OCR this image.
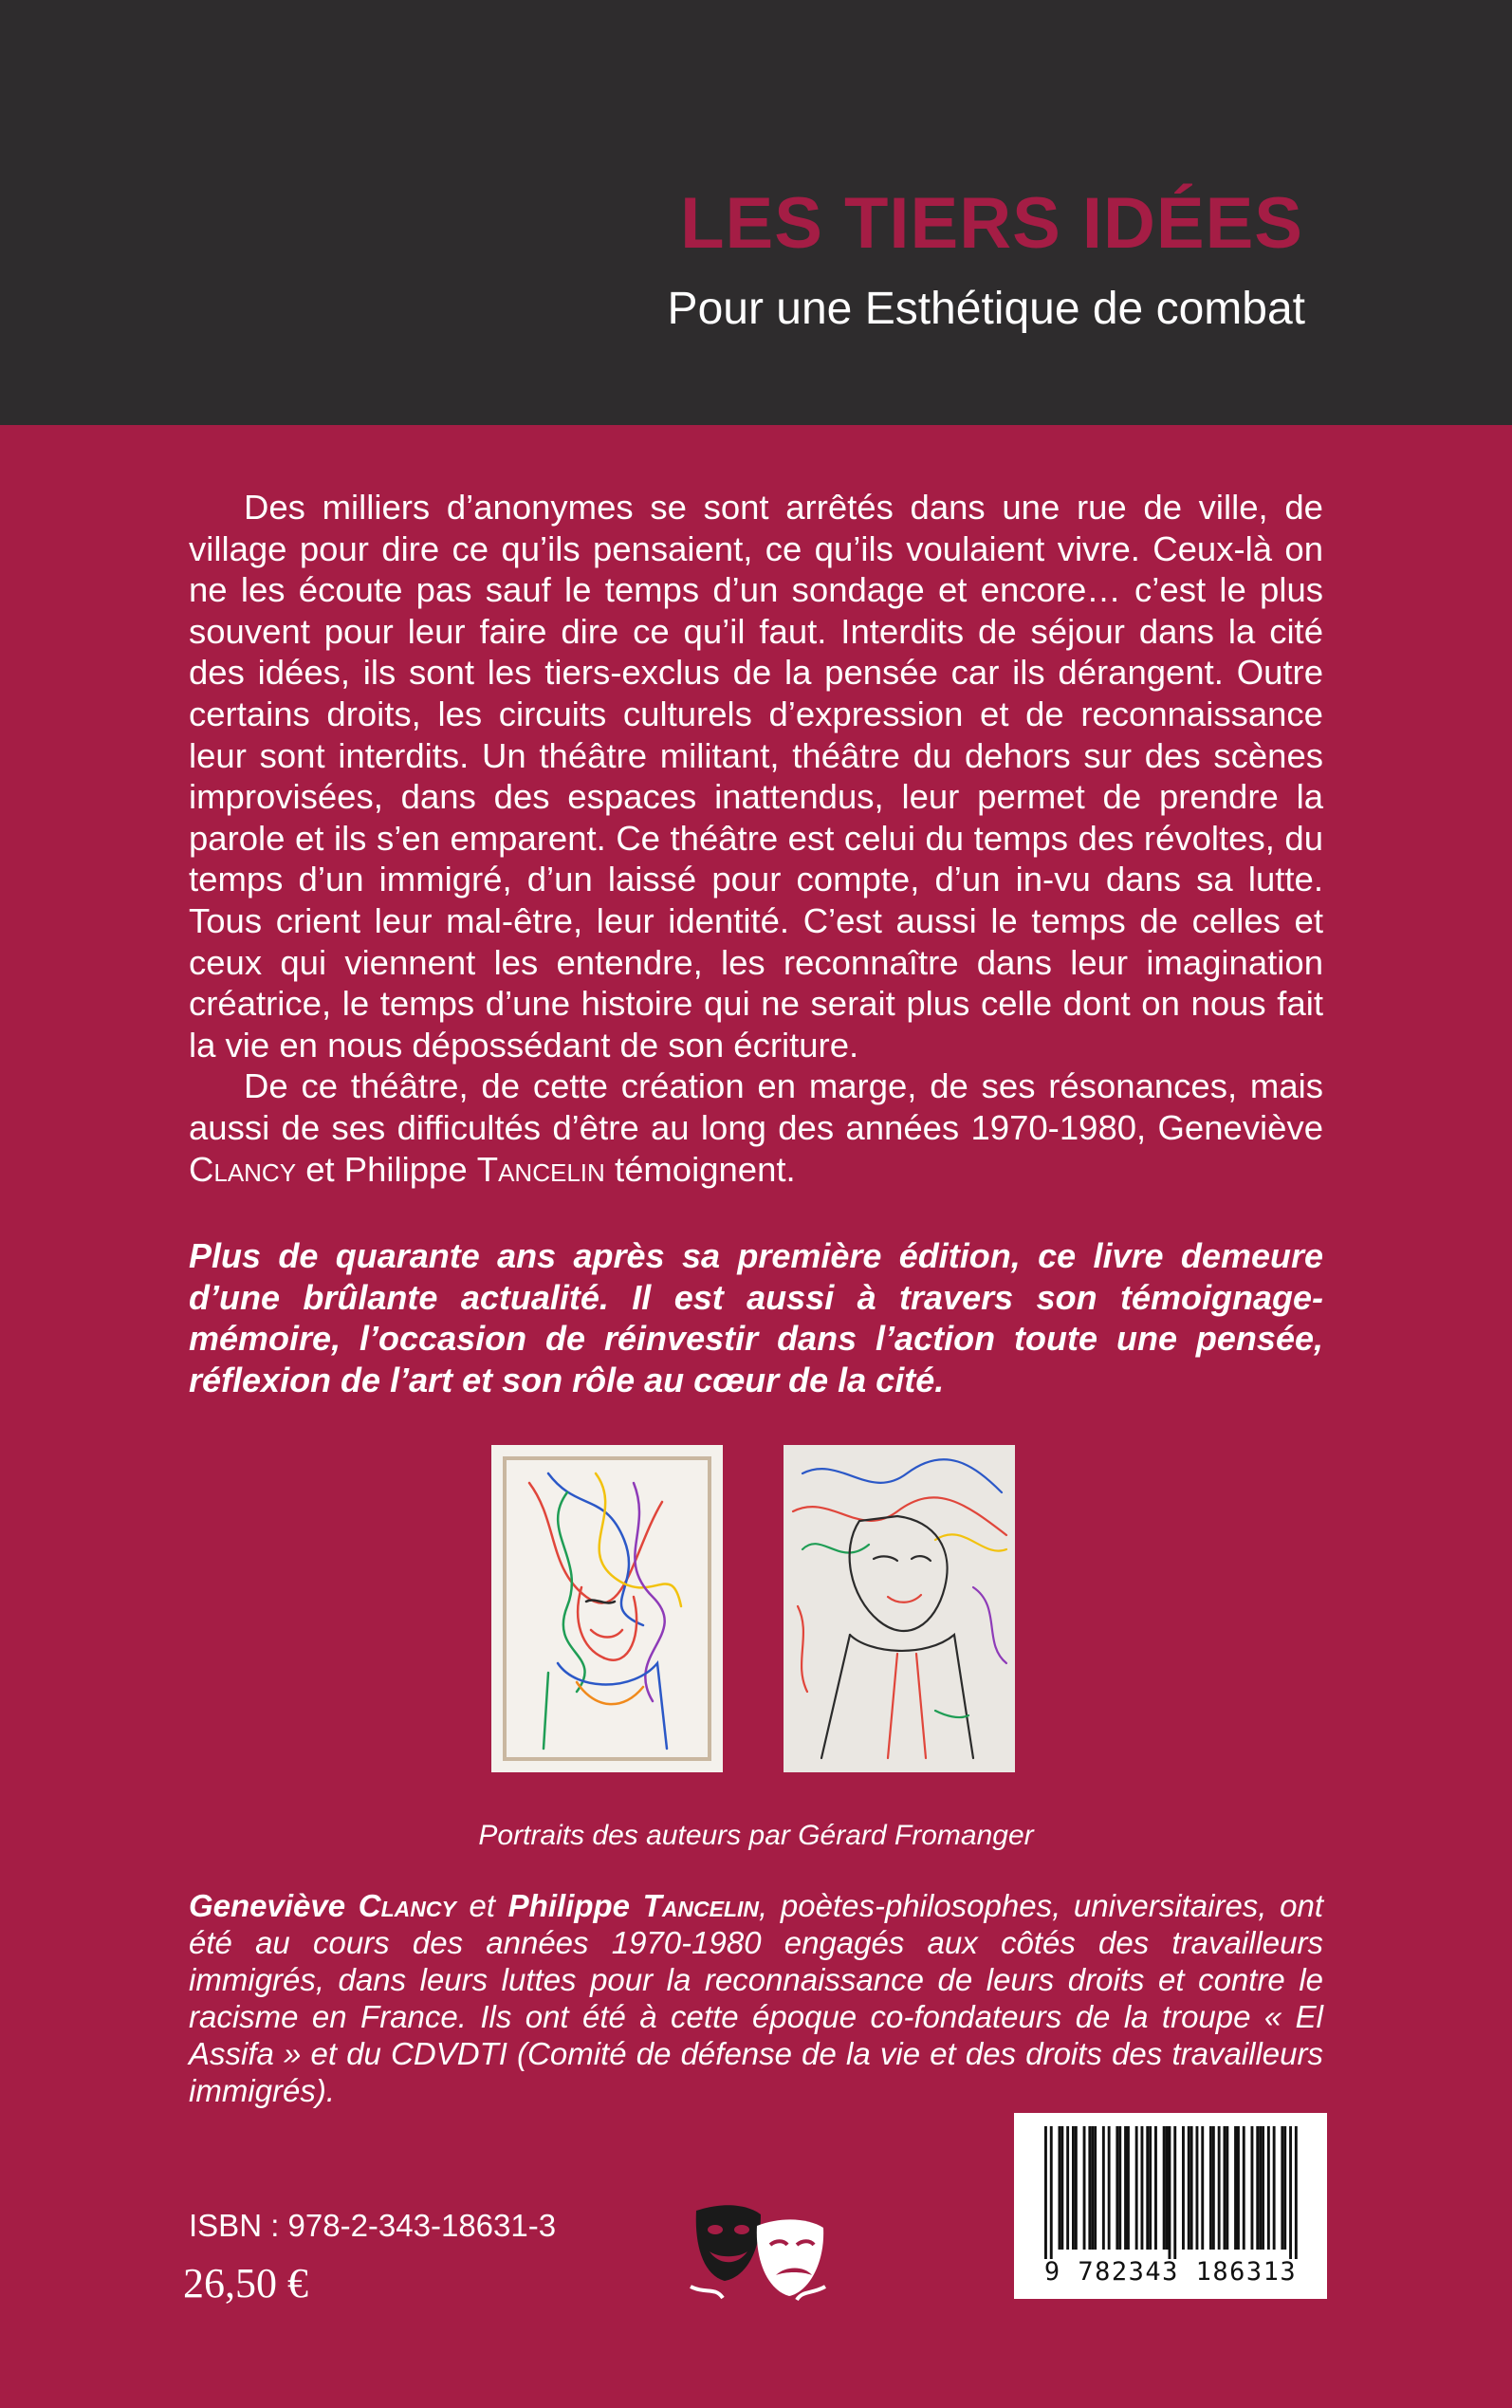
LES TIERS IDÉES
Pour une Esthétique de combat

Des milliers d’anonymes se sont arrêtés dans une rue de ville, de village pour dire ce qu’ils pensaient, ce qu’ils voulaient vivre. Ceux-là on ne les écoute pas sauf le temps d’un sondage et encore… c’est le plus souvent pour leur faire dire ce qu’il faut. Interdits de séjour dans la cité des idées, ils sont les tiers-exclus de la pensée car ils dérangent. Outre certains droits, les circuits culturels d’expression et de reconnaissance leur sont interdits. Un théâtre militant, théâtre du dehors sur des scènes improvisées, dans des espaces inattendus, leur permet de prendre la parole et ils s’en emparent. Ce théâtre est celui du temps des révoltes, du temps d’un immigré, d’un laissé pour compte, d’un in-vu dans sa lutte. Tous crient leur mal-être, leur identité. C’est aussi le temps de celles et ceux qui viennent les entendre, les reconnaître dans leur imagination créatrice, le temps d’une histoire qui ne serait plus celle dont on nous fait la vie en nous dépossédant de son écriture.

De ce théâtre, de cette création en marge, de ses résonances, mais aussi de ses difficultés d’être au long des années 1970-1980, Geneviève Clancy et Philippe Tancelin témoignent.

Plus de quarante ans après sa première édition, ce livre demeure d’une brûlante actualité. Il est aussi à travers son témoignage-mémoire, l’occasion de réinvestir dans l’action toute une pensée, réflexion de l’art et son rôle au cœur de la cité.

Portraits des auteurs par Gérard Fromanger

Geneviève Clancy et Philippe Tancelin, poètes-philosophes, universitaires, ont été au cours des années 1970-1980 engagés aux côtés des travailleurs immigrés, dans leurs luttes pour la reconnaissance de leurs droits et contre le racisme en France. Ils ont été à cette époque co-fondateurs de la troupe « El Assifa » et du CDVDTI (Comité de défense de la vie et des droits des travailleurs immigrés).

ISBN : 978-2-343-18631-3
26,50 €	9 782343 186313
